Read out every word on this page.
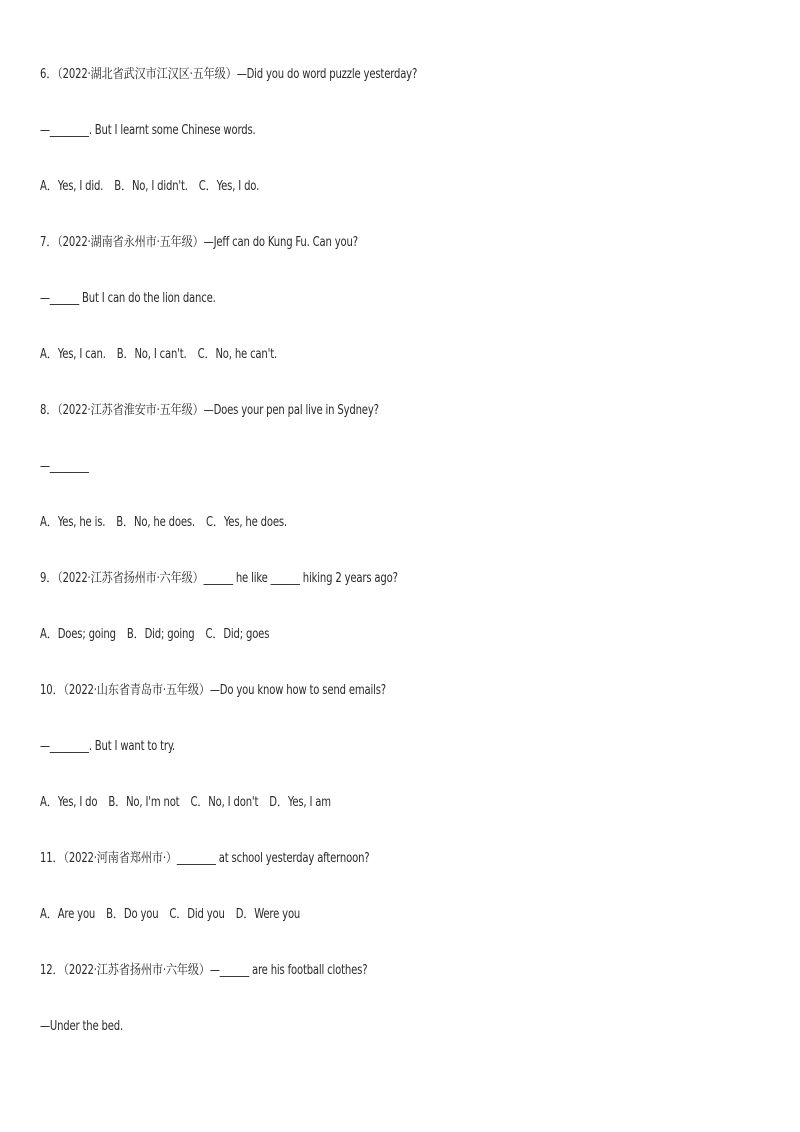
6．（2022·湖北省武汉市江汉区·五年级）—Did you do word puzzle yesterday?
—________. But I learnt some Chinese words.
A．Yes, I did.　B．No, I didn't.　C．Yes, I do.
7．（2022·湖南省永州市·五年级）—Jeff can do Kung Fu. Can you?
—______ But I can do the lion dance.
A．Yes, I can.　B．No, I can't.　C．No, he can't.
8．（2022·江苏省淮安市·五年级）—Does your pen pal live in Sydney?
—________
A．Yes, he is.　B．No, he does.　C．Yes, he does.
9．（2022·江苏省扬州市·六年级）______ he like ______ hiking 2 years ago?
A．Does; going　B．Did; going　C．Did; goes
10．（2022·山东省青岛市·五年级）—Do you know how to send emails?
—________. But I want to try.
A．Yes, I do　B．No, I'm not　C．No, I don't　D．Yes, I am
11．（2022·河南省郑州市·）________ at school yesterday afternoon?
A．Are you　B．Do you　C．Did you　D．Were you
12．（2022·江苏省扬州市·六年级）—______ are his football clothes?
—Under the bed.
